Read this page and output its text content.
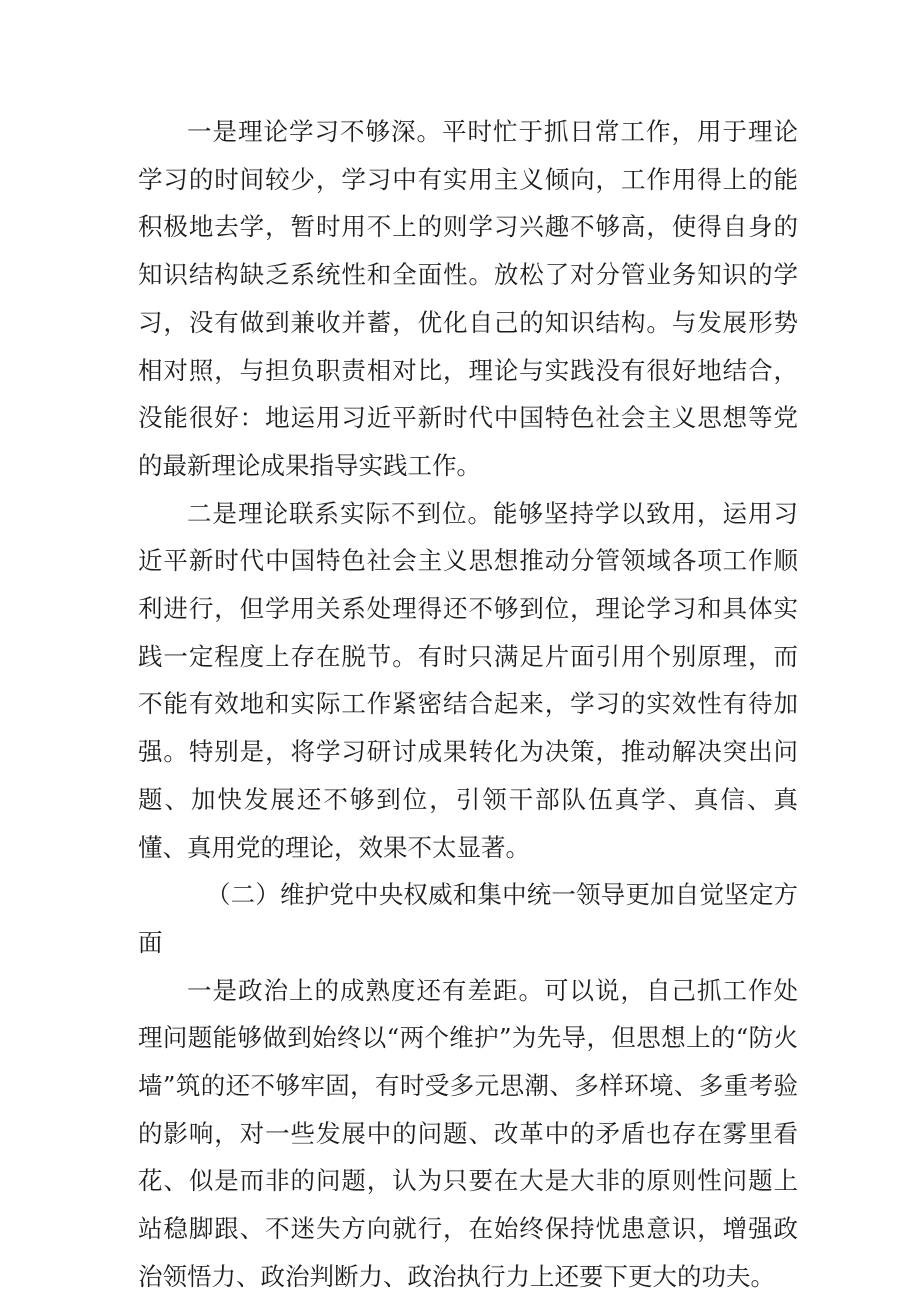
一是理论学习不够深。平时忙于抓日常工作，用于理论学习的时间较少，学习中有实用主义倾向，工作用得上的能积极地去学，暂时用不上的则学习兴趣不够高，使得自身的知识结构缺乏系统性和全面性。放松了对分管业务知识的学习，没有做到兼收并蓄，优化自己的知识结构。与发展形势相对照，与担负职责相对比，理论与实践没有很好地结合，没能很好：地运用习近平新时代中国特色社会主义思想等党的最新理论成果指导实践工作。

二是理论联系实际不到位。能够坚持学以致用，运用习近平新时代中国特色社会主义思想推动分管领域各项工作顺利进行，但学用关系处理得还不够到位，理论学习和具体实践一定程度上存在脱节。有时只满足片面引用个别原理，而不能有效地和实际工作紧密结合起来，学习的实效性有待加强。特别是，将学习研讨成果转化为决策，推动解决突出问题、加快发展还不够到位，引领干部队伍真学、真信、真懂、真用党的理论，效果不太显著。

（二）维护党中央权威和集中统一领导更加自觉坚定方面

一是政治上的成熟度还有差距。可以说，自己抓工作处理问题能够做到始终以“两个维护”为先导，但思想上的“防火墙”筑的还不够牢固，有时受多元思潮、多样环境、多重考验的影响，对一些发展中的问题、改革中的矛盾也存在雾里看花、似是而非的问题，认为只要在大是大非的原则性问题上站稳脚跟、不迷失方向就行，在始终保持忧患意识，增强政治领悟力、政治判断力、政治执行力上还要下更大的功夫。
